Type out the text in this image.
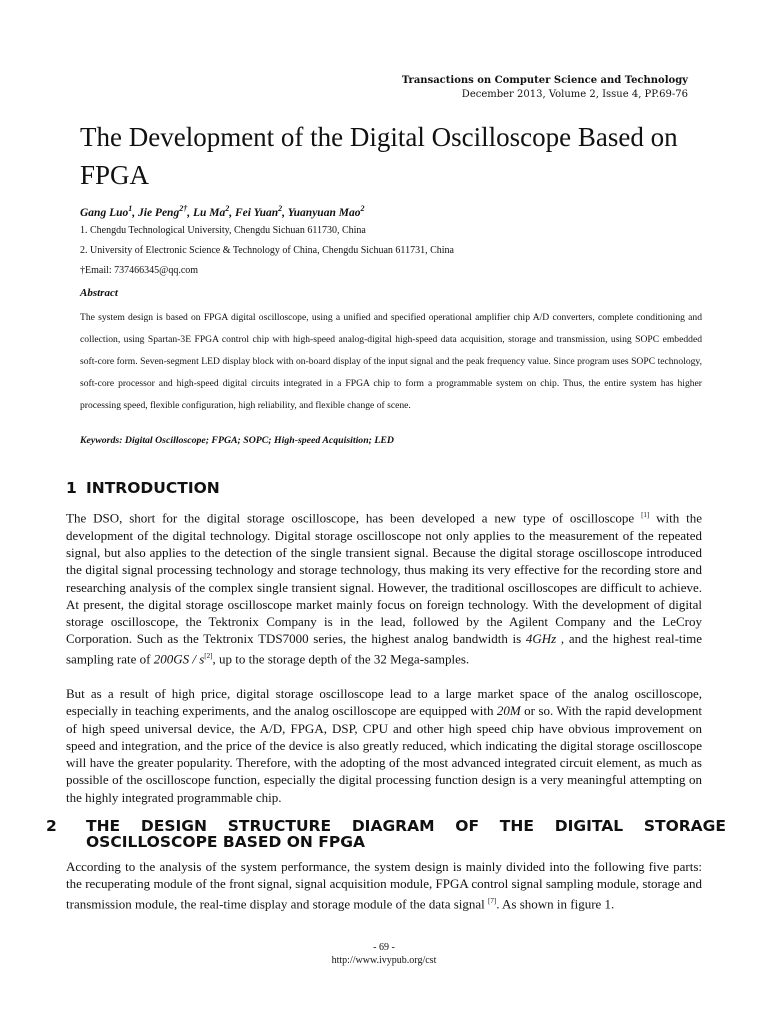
Transactions on Computer Science and Technology
December 2013, Volume 2, Issue 4, PP.69-76
The Development of the Digital Oscilloscope Based on FPGA
Gang Luo$^1$, Jie Peng$^{2\dagger}$, Lu Ma$^2$, Fei Yuan$^2$, Yuanyuan Mao$^2$
1. Chengdu Technological University, Chengdu Sichuan 611730, China
2. University of Electronic Science & Technology of China, Chengdu Sichuan 611731, China
†Email: 737466345@qq.com
Abstract
The system design is based on FPGA digital oscilloscope, using a unified and specified operational amplifier chip A/D converters, complete conditioning and collection, using Spartan-3E FPGA control chip with high-speed analog-digital high-speed data acquisition, storage and transmission, using SOPC embedded soft-core form. Seven-segment LED display block with on-board display of the input signal and the peak frequency value. Since program uses SOPC technology, soft-core processor and high-speed digital circuits integrated in a FPGA chip to form a programmable system on chip. Thus, the entire system has higher processing speed, flexible configuration, high reliability, and flexible change of scene.
Keywords: Digital Oscilloscope; FPGA; SOPC; High-speed Acquisition; LED
1 INTRODUCTION

The DSO, short for the digital storage oscilloscope, has been developed a new type of oscilloscope [1] with the development of the digital technology. Digital storage oscilloscope not only applies to the measurement of the repeated signal, but also applies to the detection of the single transient signal. Because the digital storage oscilloscope introduced the digital signal processing technology and storage technology, thus making its very effective for the recording store and researching analysis of the complex single transient signal. However, the traditional oscilloscopes are difficult to achieve. At present, the digital storage oscilloscope market mainly focus on foreign technology. With the development of digital storage oscilloscope, the Tektronix Company is in the lead, followed by the Agilent Company and the LeCroy Corporation. Such as the Tektronix TDS7000 series, the highest analog bandwidth is 4GHz , and the highest real-time sampling rate of 200GS / s[2], up to the storage depth of the 32 Mega-samples.

But as a result of high price, digital storage oscilloscope lead to a large market space of the analog oscilloscope, especially in teaching experiments, and the analog oscilloscope are equipped with 20M or so. With the rapid development of high speed universal device, the A/D, FPGA, DSP, CPU and other high speed chip have obvious improvement on speed and integration, and the price of the device is also greatly reduced, which indicating the digital storage oscilloscope will have the greater popularity. Therefore, with the adopting of the most advanced integrated circuit element, as much as possible of the oscilloscope function, especially the digital processing function design is a very meaningful attempting on the highly integrated programmable chip.

2 THE DESIGN STRUCTURE DIAGRAM OF THE DIGITAL STORAGE OSCILLOSCOPE BASED ON FPGA

According to the analysis of the system performance, the system design is mainly divided into the following five parts: the recuperating module of the front signal, signal acquisition module, FPGA control signal sampling module, storage and transmission module, the real-time display and storage module of the data signal [7]. As shown in figure 1.

- 69 -
http://www.ivypub.org/cst
